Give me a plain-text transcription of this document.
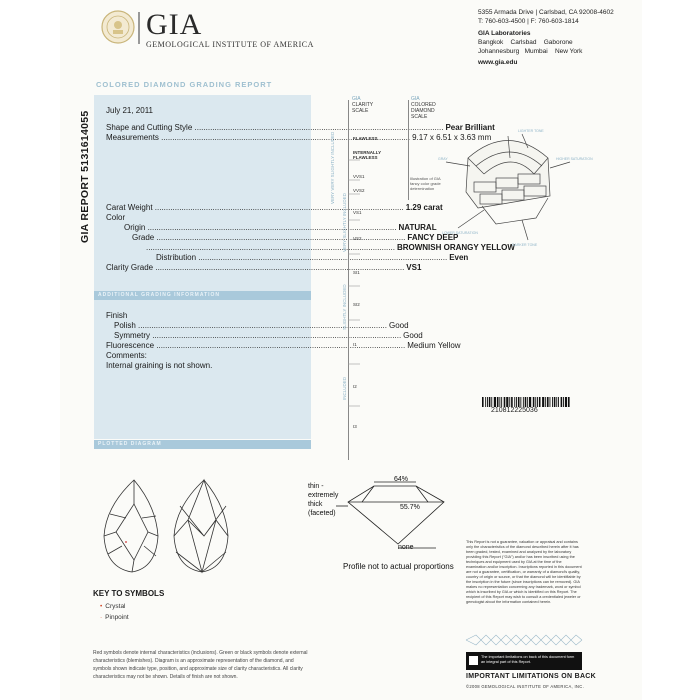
GIA
GEMOLOGICAL INSTITUTE OF AMERICA
5355 Armada Drive | Carlsbad, CA 92008-4602
T: 760-603-4500 | F: 760-603-1814
GIA Laboratories
Bangkok    Carlsbad    Gaborone
Johannesburg   Mumbai    New York
www.gia.edu
COLORED DIAMOND GRADING REPORT
GIA REPORT 5131614055 July 21, 2011
Shape and Cutting Style .....	Pear Brilliant
Measurements .....	9.17 x 6.51 x 3.63 mm
Carat Weight .....	1.29 carat
Color
Origin .....	NATURAL
Grade .....	FANCY DEEP
.....
BROWNISH ORANGY YELLOW
Distribution .....	Even
Clarity Grade .....	VS1
ADDITIONAL GRADING INFORMATION
Finish
Polish .....	Good
Symmetry .....	Good
Fluorescence .....	Medium Yellow
Comments:
Internal graining is not shown.
PLOTTED DIAGRAM
GIA
CLARITY
SCALE
GIA
COLORED
DIAMOND
SCALE
FLAWLESS
INTERNALLY FLAWLESS
VVS1
VVS2
VS1
VS2
SI1
SI2
I1
I2
I3
VERY VERY SLIGHTLY INCLUDED
VERY SLIGHTLY INCLUDED
SLIGHTLY INCLUDED
INCLUDED
Illustration of GIA fancy color grade determination
LIGHTER TONE
GRAY	HIGHER SATURATION
LOWER SATURATION
DARKER TONE
210812225036
64%
55.7%
thin - extremely thick (faceted)
none
Profile not to actual proportions
KEY TO SYMBOLS
• Crystal
· Pinpoint
Red symbols denote internal characteristics (inclusions). Green or black symbols denote external characteristics (blemishes). Diagram is an approximate representation of the diamond, and symbols shown indicate type, position, and approximate size of clarity characteristics. All clarity characteristics may not be shown. Details of finish are not shown.
This Report is not a guarantee, valuation or appraisal and contains only the characteristics of the diamond described herein after it has been graded, tested, examined and analyzed by the laboratory providing this Report ("GIA") and/or has been inscribed using the techniques and equipment used by GIA at the time of the examination and/or inscription. Inscriptions reported in this document are not a guarantee, certification, or warranty of a diamond's quality, country of origin or source, or that the diamond will be identifiable by the inscription in the future (since inscriptions can be removed). GIA makes no representation concerning any trademark, word or symbol which is inscribed by GIA or which is identified on this Report. The recipient of this Report may wish to consult a credentialed jeweler or gemologist about the information contained herein.
The important limitations on back of this document form an integral part of this Report.
IMPORTANT LIMITATIONS ON BACK
©2008 GEMOLOGICAL INSTITUTE OF AMERICA, INC.
